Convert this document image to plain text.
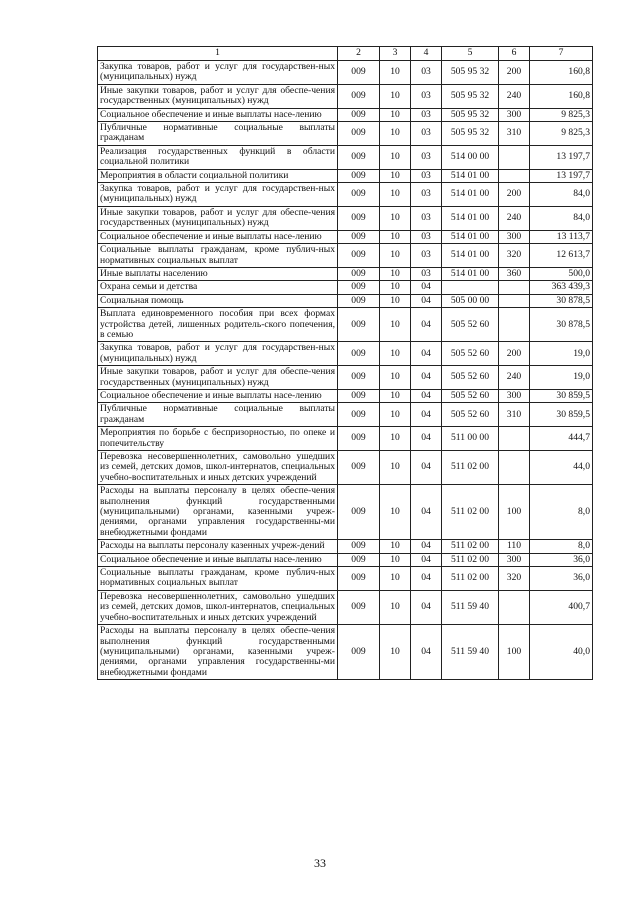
1	2	3	4	5	6	7
Закупка товаров, работ и услуг для государствен-ных (муниципальных) нужд	009	10	03	505 95 32	200	160,8
Иные закупки товаров, работ и услуг для обеспе-чения государственных (муниципальных) нужд	009	10	03	505 95 32	240	160,8
Социальное обеспечение и иные выплаты насе-лению	009	10	03	505 95 32	300	9 825,3
Публичные нормативные социальные выплаты гражданам	009	10	03	505 95 32	310	9 825,3
Реализация государственных функций в области социальной политики	009	10	03	514 00 00		13 197,7
Мероприятия в области социальной политики	009	10	03	514 01 00		13 197,7
Закупка товаров, работ и услуг для государствен-ных (муниципальных) нужд	009	10	03	514 01 00	200	84,0
Иные закупки товаров, работ и услуг для обеспе-чения государственных (муниципальных) нужд	009	10	03	514 01 00	240	84,0
Социальное обеспечение и иные выплаты насе-лению	009	10	03	514 01 00	300	13 113,7
Социальные выплаты гражданам, кроме публич-ных нормативных социальных выплат	009	10	03	514 01 00	320	12 613,7
Иные выплаты населению	009	10	03	514 01 00	360	500,0
Охрана семьи и детства	009	10	04			363 439,3
Социальная помощь	009	10	04	505 00 00		30 878,5
Выплата единовременного пособия при всех формах устройства детей, лишенных родитель-ского попечения, в семью	009	10	04	505 52 60		30 878,5
Закупка товаров, работ и услуг для государствен-ных (муниципальных) нужд	009	10	04	505 52 60	200	19,0
Иные закупки товаров, работ и услуг для обеспе-чения государственных (муниципальных) нужд	009	10	04	505 52 60	240	19,0
Социальное обеспечение и иные выплаты насе-лению	009	10	04	505 52 60	300	30 859,5
Публичные нормативные социальные выплаты гражданам	009	10	04	505 52 60	310	30 859,5
Мероприятия по борьбе с беспризорностью, по опеке и попечительству	009	10	04	511 00 00		444,7
Перевозка несовершеннолетних, самовольно ушедших из семей, детских домов, школ-интернатов, специальных учебно-воспитательных и иных детских учреждений	009	10	04	511 02 00		44,0
Расходы на выплаты персоналу в целях обеспе-чения выполнения функций государственными (муниципальными) органами, казенными учреж-дениями, органами управления государственны-ми внебюджетными фондами	009	10	04	511 02 00	100	8,0
Расходы на выплаты персоналу казенных учреж-дений	009	10	04	511 02 00	110	8,0
Социальное обеспечение и иные выплаты насе-лению	009	10	04	511 02 00	300	36,0
Социальные выплаты гражданам, кроме публич-ных нормативных социальных выплат	009	10	04	511 02 00	320	36,0
Перевозка несовершеннолетних, самовольно ушедших из семей, детских домов, школ-интернатов, специальных учебно-воспитательных и иных детских учреждений	009	10	04	511 59 40		400,7
Расходы на выплаты персоналу в целях обеспе-чения выполнения функций государственными (муниципальными) органами, казенными учреж-дениями, органами управления государственны-ми внебюджетными фондами	009	10	04	511 59 40	100	40,0
33
